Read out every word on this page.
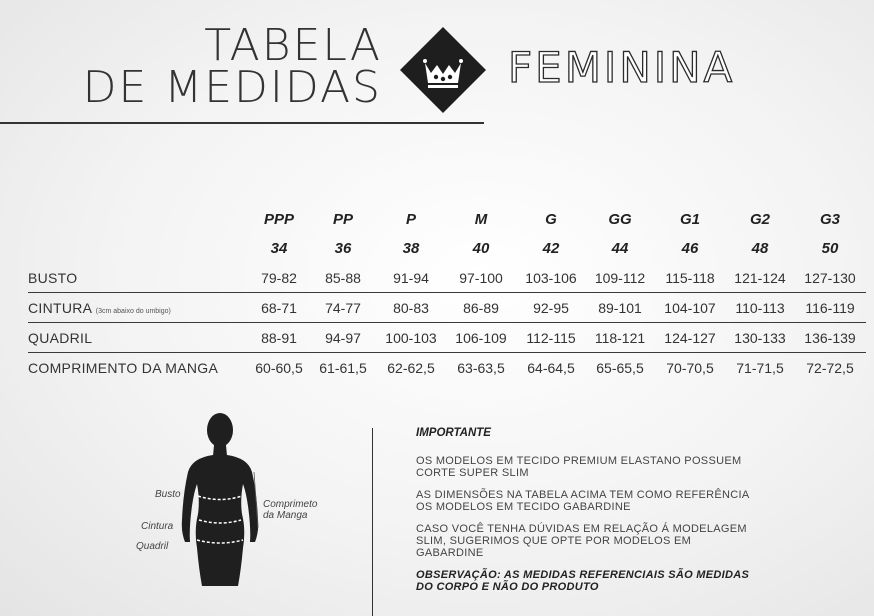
TABELA
DE MEDIDAS	FEMININA
	PPP	PP	P	M	G	GG	G1	G2	G3
	34	36	38	40	42	44	46	48	50
BUSTO	79-82	85-88	91-94	97-100	103-106	109-112	115-118	121-124	127-130
CINTURA (3cm abaixo do umbigo)	68-71	74-77	80-83	86-89	92-95	89-101	104-107	110-113	116-119
QUADRIL	88-91	94-97	100-103	106-109	112-115	118-121	124-127	130-133	136-139
COMPRIMENTO DA MANGA	60-60,5	61-61,5	62-62,5	63-63,5	64-64,5	65-65,5	70-70,5	71-71,5	72-72,5
Busto
Cintura
Quadril
Comprimeto
da Manga
IMPORTANTE

OS MODELOS EM TECIDO PREMIUM ELASTANO POSSUEM CORTE SUPER SLIM

AS DIMENSÕES NA TABELA ACIMA TEM COMO REFERÊNCIA OS MODELOS EM TECIDO GABARDINE

CASO VOCÊ TENHA DÚVIDAS EM RELAÇÃO Á MODELAGEM SLIM, SUGERIMOS QUE OPTE POR MODELOS EM GABARDINE

OBSERVAÇÃO: AS MEDIDAS REFERENCIAIS SÃO MEDIDAS DO CORPO E NÃO DO PRODUTO
